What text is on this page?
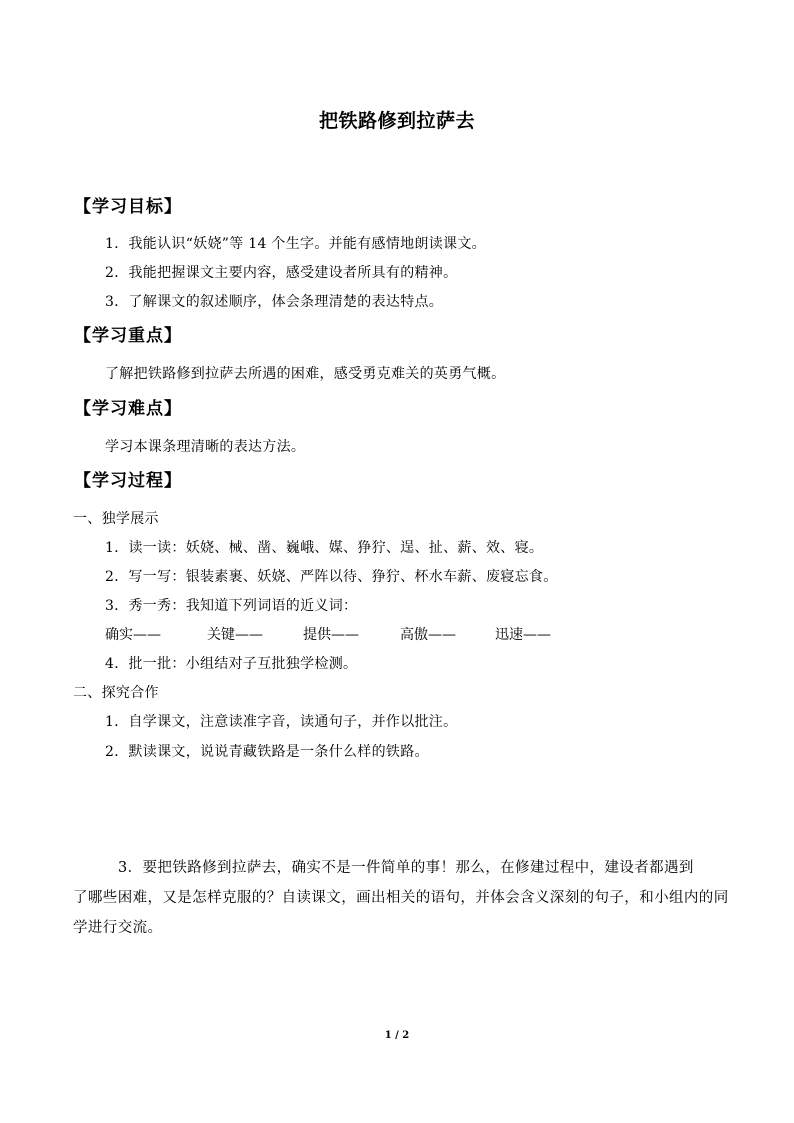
把铁路修到拉萨去
【学习目标】
1．我能认识“妖娆”等 14 个生字。并能有感情地朗读课文。
2．我能把握课文主要内容，感受建设者所具有的精神。
3．了解课文的叙述顺序，体会条理清楚的表达特点。
【学习重点】
了解把铁路修到拉萨去所遇的困难，感受勇克难关的英勇气概。
【学习难点】
学习本课条理清晰的表达方法。
【学习过程】
一、独学展示
1．读一读：妖娆、械、凿、巍峨、媒、狰狞、逞、扯、薪、效、寝。
2．写一写：银装素裹、妖娆、严阵以待、狰狞、杯水车薪、废寝忘食。
3．秀一秀：我知道下列词语的近义词：
确实——	关键——	提供——	高傲——	迅速——
4．批一批：小组结对子互批独学检测。
二、探究合作
1．自学课文，注意读准字音，读通句子，并作以批注。
2．默读课文，说说青藏铁路是一条什么样的铁路。
3．要把铁路修到拉萨去，确实不是一件简单的事！那么，在修建过程中，建设者都遇到
了哪些困难，又是怎样克服的？自读课文，画出相关的语句，并体会含义深刻的句子，和小组内的同学进行交流。
1 / 2
